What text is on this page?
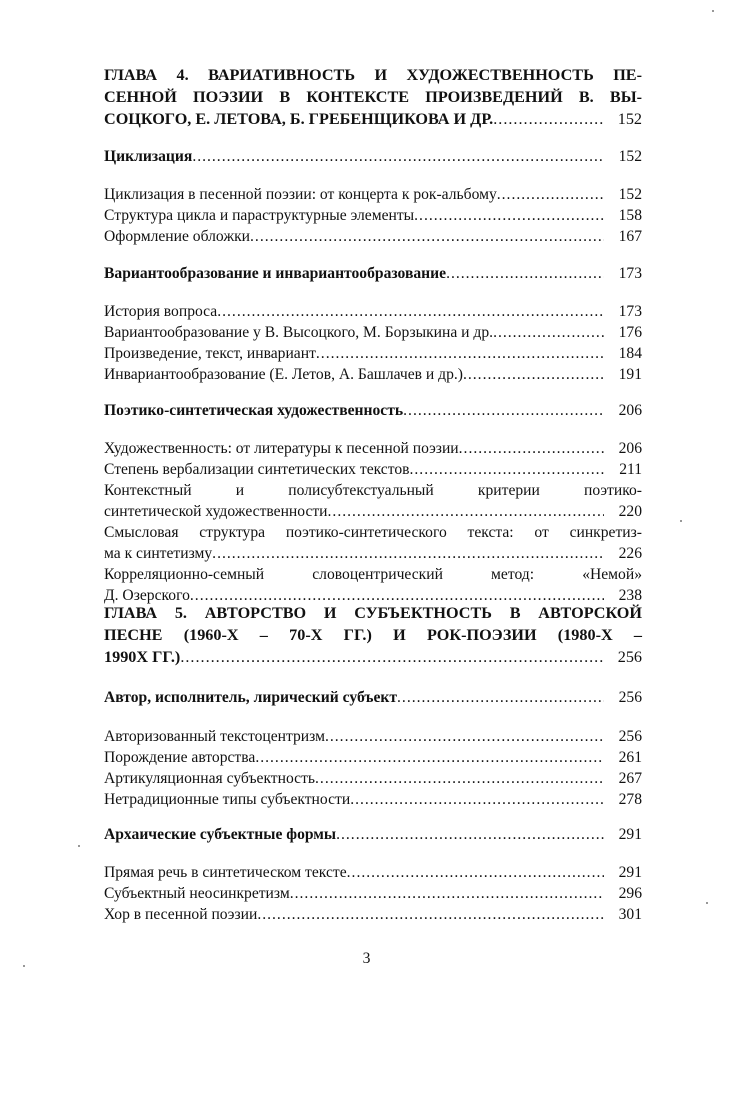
ГЛАВА 4. ВАРИАТИВНОСТЬ И ХУДОЖЕСТВЕННОСТЬ ПЕ-
СЕННОЙ ПОЭЗИИ В КОНТЕКСТЕ ПРОИЗВЕДЕНИЙ В. ВЫ-
СОЦКОГО, Е. ЛЕТОВА, Б. ГРЕБЕНЩИКОВА И ДР. .....	152
Циклизация .....	152
Циклизация в песенной поэзии: от концерта к рок-альбому .....	152
Структура цикла и параструктурные элементы .....	158
Оформление обложки .....	167
Вариантообразование и инвариантообразование .....	173
История вопроса .....	173
Вариантообразование у В. Высоцкого, М. Борзыкина и др. .....	176
Произведение, текст, инвариант .....	184
Инвариантообразование (Е. Летов, А. Башлачев и др.) .....	191
Поэтико-синтетическая художественность .....	206
Художественность: от литературы к песенной поэзии .....	206
Степень вербализации синтетических текстов .....	211
Контекстный и полисубтекстуальный критерии поэтико-
синтетической художественности .....	220
Смысловая структура поэтико-синтетического текста: от синкретиз-
ма к синтетизму .....	226
Корреляционно-семный словоцентрический метод: «Немой»
Д. Озерского .....	238
ГЛАВА 5. АВТОРСТВО И СУБЪЕКТНОСТЬ В АВТОРСКОЙ
ПЕСНЕ (1960-Х – 70-Х ГГ.) И РОК-ПОЭЗИИ (1980-Х –
1990Х ГГ.) .....	256
Автор, исполнитель, лирический субъект .....	256
Авторизованный текстоцентризм .....	256
Порождение авторства .....	261
Артикуляционная субъектность .....	267
Нетрадиционные типы субъектности .....	278
Архаические субъектные формы .....	291
Прямая речь в синтетическом тексте .....	291
Субъектный неосинкретизм .....	296
Хор в песенной поэзии .....	301
3
